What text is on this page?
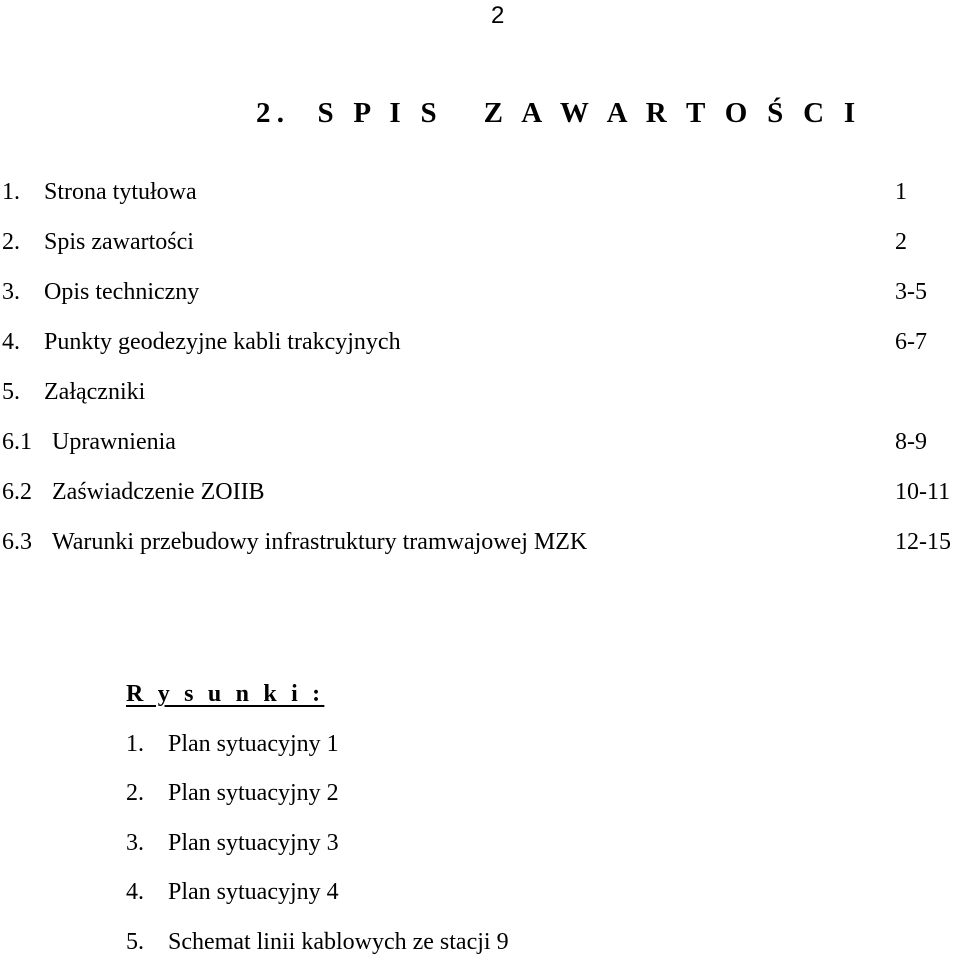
2
2.  S P I S   Z A W A R T O Ś C I
1. Strona tytułowa	1
2. Spis zawartości	2
3. Opis techniczny	3-5
4. Punkty geodezyjne kabli trakcyjnych	6-7
5. Załączniki
6.1 Uprawnienia	8-9
6.2 Zaświadczenie ZOIIB	10-11
6.3 Warunki przebudowy infrastruktury tramwajowej MZK	12-15
R y s u n k i :
1. Plan sytuacyjny 1
2. Plan sytuacyjny 2
3. Plan sytuacyjny 3
4. Plan sytuacyjny 4
5. Schemat linii kablowych ze stacji 9
